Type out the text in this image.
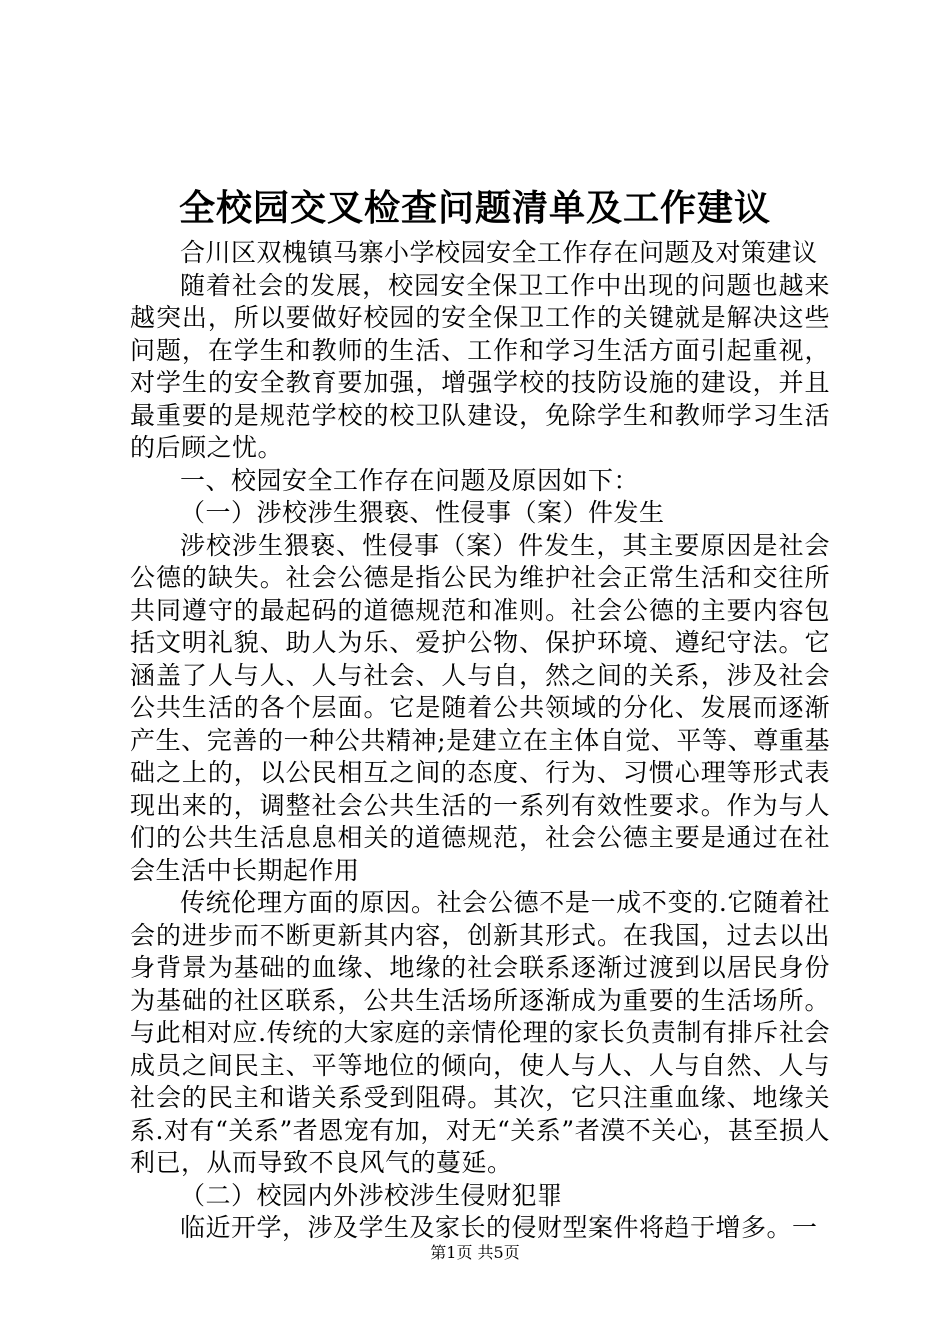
全校园交叉检查问题清单及工作建议

合川区双槐镇马寨小学校园安全工作存在问题及对策建议

随着社会的发展，校园安全保卫工作中出现的问题也越来越突出，所以要做好校园的安全保卫工作的关键就是解决这些问题，在学生和教师的生活、工作和学习生活方面引起重视，对学生的安全教育要加强，增强学校的技防设施的建设，并且最重要的是规范学校的校卫队建设，免除学生和教师学习生活的后顾之忧。

一、校园安全工作存在问题及原因如下：

（一）涉校涉生猥亵、性侵事（案）件发生

涉校涉生猥亵、性侵事（案）件发生，其主要原因是社会公德的缺失。社会公德是指公民为维护社会正常生活和交往所共同遵守的最起码的道德规范和准则。社会公德的主要内容包括文明礼貌、助人为乐、爱护公物、保护环境、遵纪守法。它涵盖了人与人、人与社会、人与自，然之间的关系，涉及社会公共生活的各个层面。它是随着公共领域的分化、发展而逐渐产生、完善的一种公共精神;是建立在主体自觉、平等、尊重基础之上的，以公民相互之间的态度、行为、习惯心理等形式表现出来的，调整社会公共生活的一系列有效性要求。作为与人们的公共生活息息相关的道德规范，社会公德主要是通过在社会生活中长期起作用

传统伦理方面的原因。社会公德不是一成不变的.它随着社会的进步而不断更新其内容，创新其形式。在我国，过去以出身背景为基础的血缘、地缘的社会联系逐渐过渡到以居民身份为基础的社区联系，公共生活场所逐渐成为重要的生活场所。与此相对应.传统的大家庭的亲情伦理的家长负责制有排斥社会成员之间民主、平等地位的倾向，使人与人、人与自然、人与社会的民主和谐关系受到阻碍。其次，它只注重血缘、地缘关系.对有“关系”者恩宠有加，对无“关系”者漠不关心，甚至损人利已，从而导致不良风气的蔓延。

（二）校园内外涉校涉生侵财犯罪

临近开学，涉及学生及家长的侵财型案件将趋于增多。一

第1页 共5页
